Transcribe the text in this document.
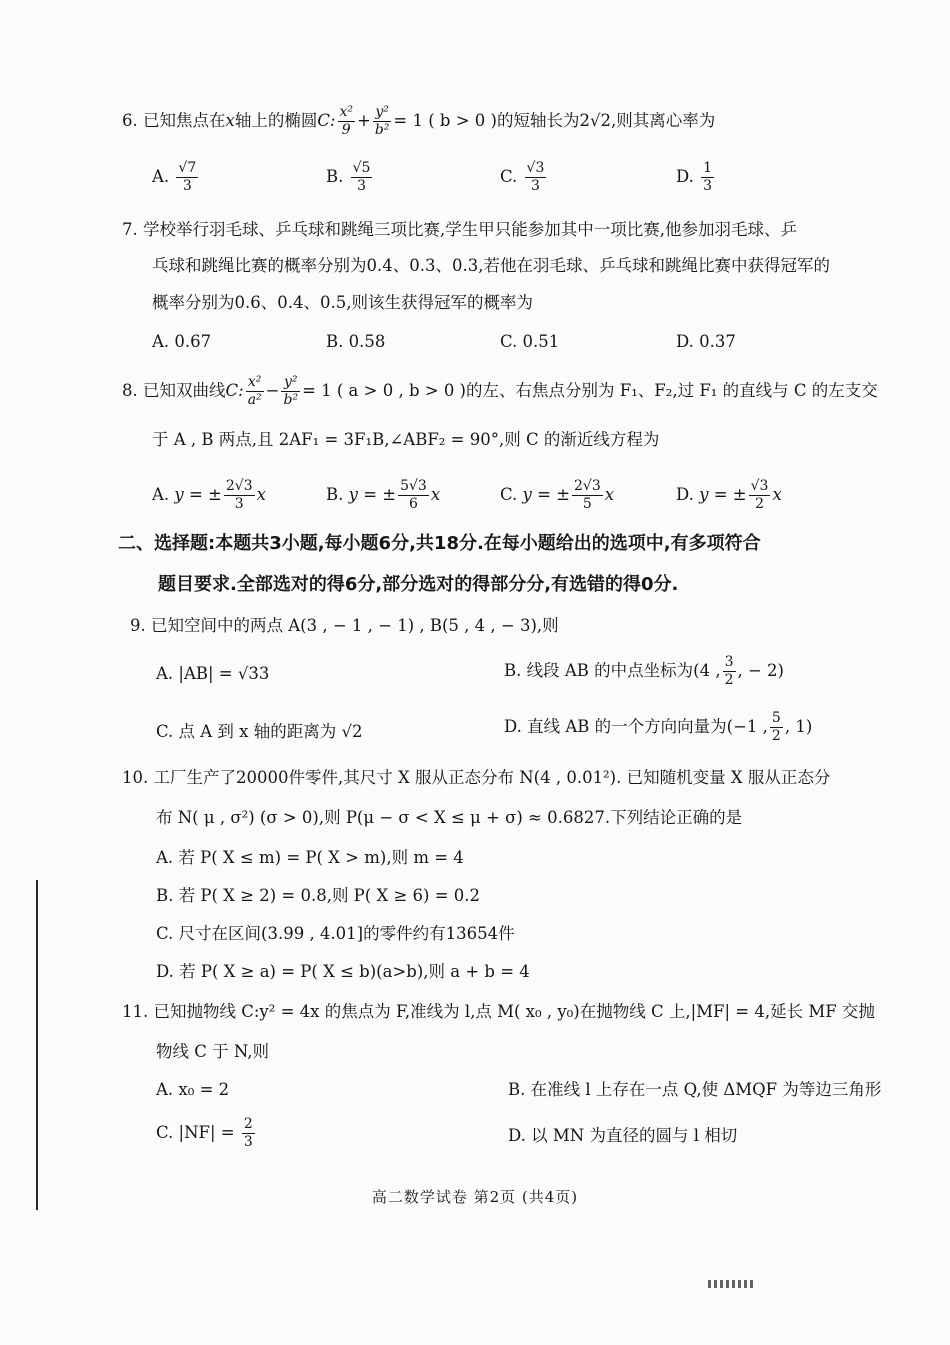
6. 已知焦点在x轴上的椭圆C: $\frac{\text{x²}}{9} + \frac{\text{y²}}{\text{b²}} = 1$ ( b > 0 )的短轴长为2√2,则其离心率为
A. $\frac{√7}{3}$	B. $\frac{√5}{3}$	C. $\frac{√3}{3}$	D. $\frac{1}{3}$
7. 学校举行羽毛球、乒乓球和跳绳三项比赛,学生甲只能参加其中一项比赛,他参加羽毛球、乒
乓球和跳绳比赛的概率分别为0.4、0.3、0.3,若他在羽毛球、乒乓球和跳绳比赛中获得冠军的
概率分别为0.6、0.4、0.5,则该生获得冠军的概率为
A. 0.67	B. 0.58	C. 0.51	D. 0.37
8. 已知双曲线C: $\frac{\text{x²}}{\text{a²}} - \frac{\text{y²}}{\text{b²}} = 1$ ( a > 0 , b > 0 )的左、右焦点分别为 F₁、F₂,过 F₁ 的直线与 C 的左支交
于 A , B 两点,且 2AF₁ = 3F₁B,∠ABF₂ = 90°,则 C 的渐近线方程为
A. y = ± $\frac{2√3}{3}$ x	B. y = ± $\frac{5√3}{6}$ x	C. y = ± $\frac{2√3}{5}$ x	D. y = ± $\frac{√3}{2}$ x
二、选择题:本题共3小题,每小题6分,共18分.在每小题给出的选项中,有多项符合
题目要求.全部选对的得6分,部分选对的得部分分,有选错的得0分.
9. 已知空间中的两点 A(3 , − 1 , − 1) , B(5 , 4 , − 3),则
A. |AB| = √33	B. 线段 AB 的中点坐标为(4 , $\frac{3}{2}$ , − 2)
C. 点 A 到 x 轴的距离为 √2	D. 直线 AB 的一个方向向量为(−1 , $\frac{5}{2}$ , 1)
10. 工厂生产了20000件零件,其尺寸 X 服从正态分布 N(4 , 0.01²). 已知随机变量 X 服从正态分
布 N( μ , σ²) (σ > 0),则 P(μ − σ < X ≤ μ + σ) ≈ 0.6827.下列结论正确的是
A. 若 P( X ≤ m) = P( X > m),则 m = 4
B. 若 P( X ≥ 2) = 0.8,则 P( X ≥ 6) = 0.2
C. 尺寸在区间(3.99 , 4.01]的零件约有13654件
D. 若 P( X ≥ a) = P( X ≤ b)(a>b),则 a + b = 4
11. 已知抛物线 C:y² = 4x 的焦点为 F,准线为 l,点 M( x₀ , y₀)在抛物线 C 上,|MF| = 4,延长 MF 交抛
物线 C 于 N,则
A. x₀ = 2	B. 在准线 l 上存在一点 Q,使 ΔMQF 为等边三角形
C. $|NF| = \frac{2}{3}$	D. 以 MN 为直径的圆与 l 相切
高二数学试卷 第2页 (共4页)
